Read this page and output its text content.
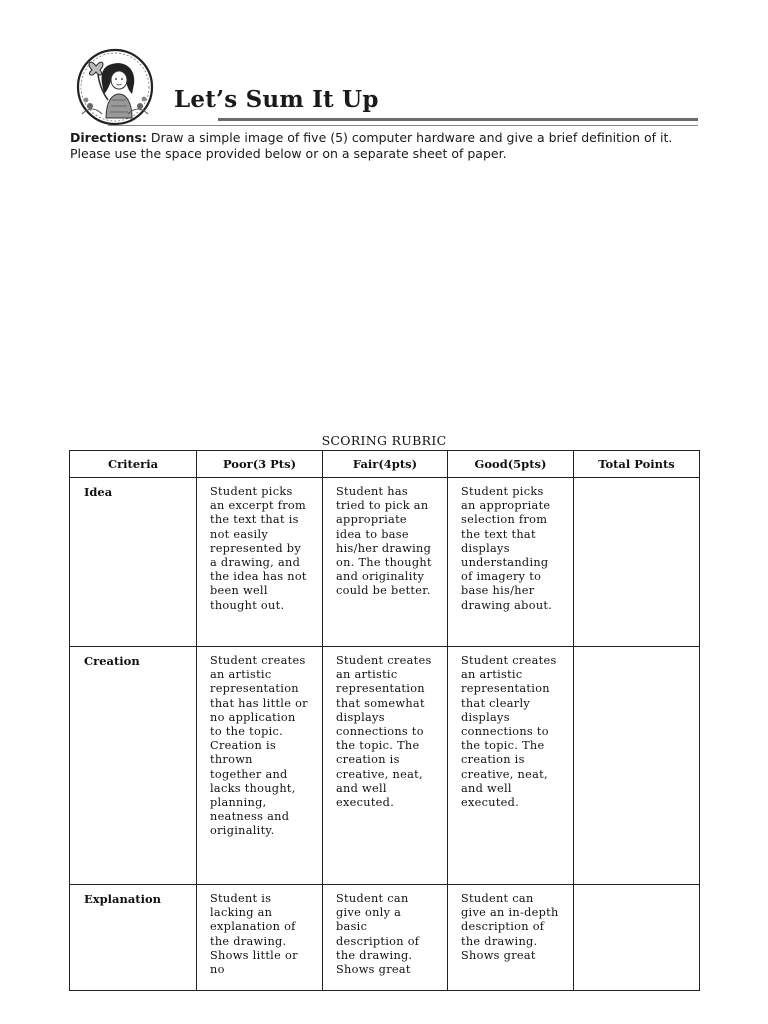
Let’s Sum It Up
Directions: Draw a simple image of five (5) computer hardware and give a brief definition of it. Please use the space provided below or on a separate sheet of paper.
SCORING RUBRIC
Criteria	Poor(3 Pts)	Fair(4pts)	Good(5pts)	Total Points
Idea	Student picks an excerpt from the text that is not easily represented by a drawing, and the idea has not been well thought out.	Student has tried to pick an appropriate idea to base his/her drawing on. The thought and originality could be better.	Student picks an appropriate selection from the text that displays understanding of imagery to base his/her drawing about.	

Creation	Student creates an artistic representation that has little or no application to the topic. Creation is thrown together and lacks thought, planning, neatness and originality.	Student creates an artistic representation that somewhat displays connections to the topic. The creation is creative, neat, and well executed.	Student creates an artistic representation that clearly displays connections to the topic. The creation is creative, neat, and well executed.	

Explanation	Student is lacking an explanation of the drawing. Shows little or no	Student can give only a basic description of the drawing. Shows great	Student can give an in-depth description of the drawing. Shows great	
